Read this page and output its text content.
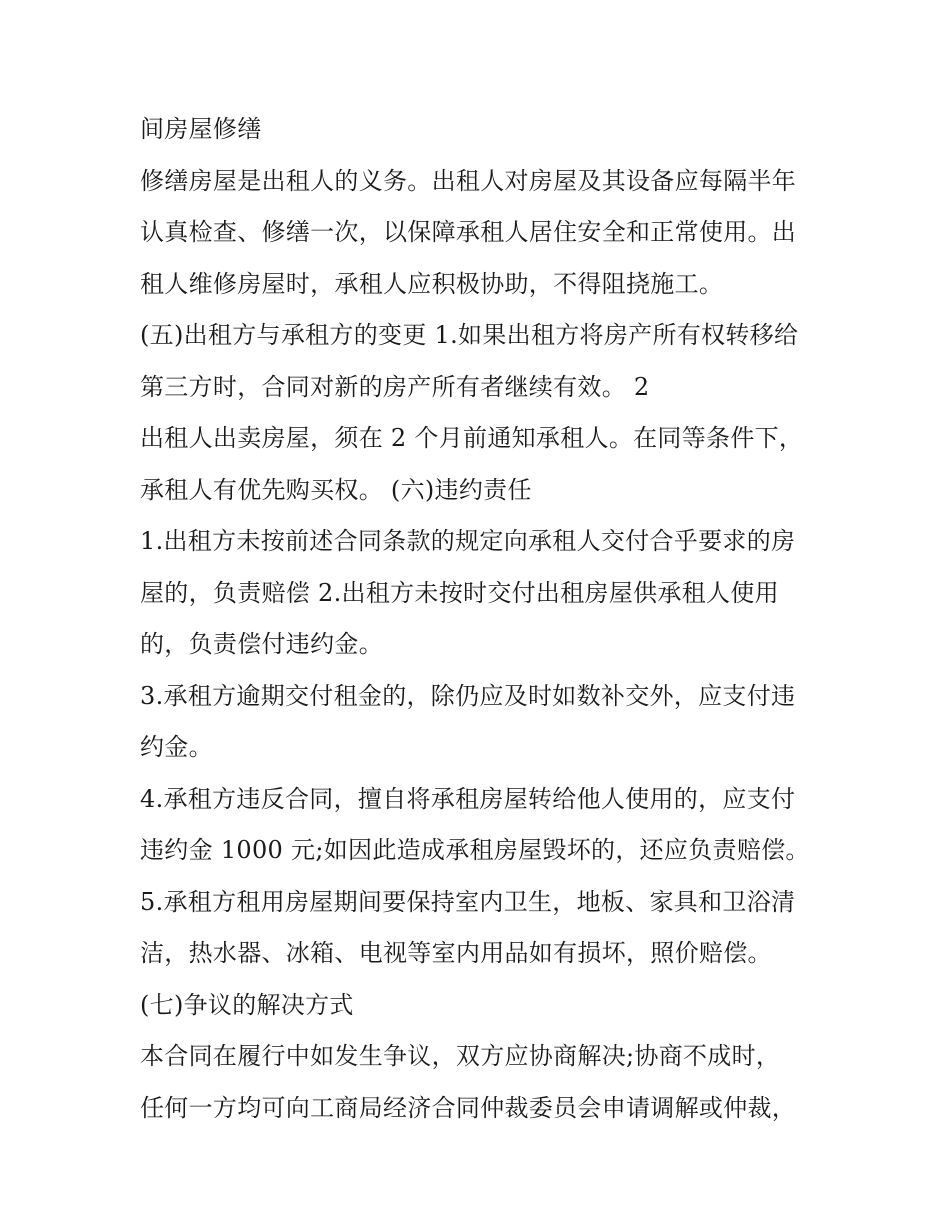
间房屋修缮
修缮房屋是出租人的义务。出租人对房屋及其设备应每隔半年
认真检查、修缮一次，以保障承租人居住安全和正常使用。出
租人维修房屋时，承租人应积极协助，不得阻挠施工。
(五)出租方与承租方的变更 1.如果出租方将房产所有权转移给
第三方时，合同对新的房产所有者继续有效。 2
出租人出卖房屋，须在 2 个月前通知承租人。在同等条件下，
承租人有优先购买权。 (六)违约责任
1.出租方未按前述合同条款的规定向承租人交付合乎要求的房
屋的，负责赔偿 2.出租方未按时交付出租房屋供承租人使用
的，负责偿付违约金。
3.承租方逾期交付租金的，除仍应及时如数补交外，应支付违
约金。
4.承租方违反合同，擅自将承租房屋转给他人使用的，应支付
违约金 1000 元;如因此造成承租房屋毁坏的，还应负责赔偿。
5.承租方租用房屋期间要保持室内卫生，地板、家具和卫浴清
洁，热水器、冰箱、电视等室内用品如有损坏，照价赔偿。
(七)争议的解决方式
本合同在履行中如发生争议，双方应协商解决;协商不成时，
任何一方均可向工商局经济合同仲裁委员会申请调解或仲裁，
